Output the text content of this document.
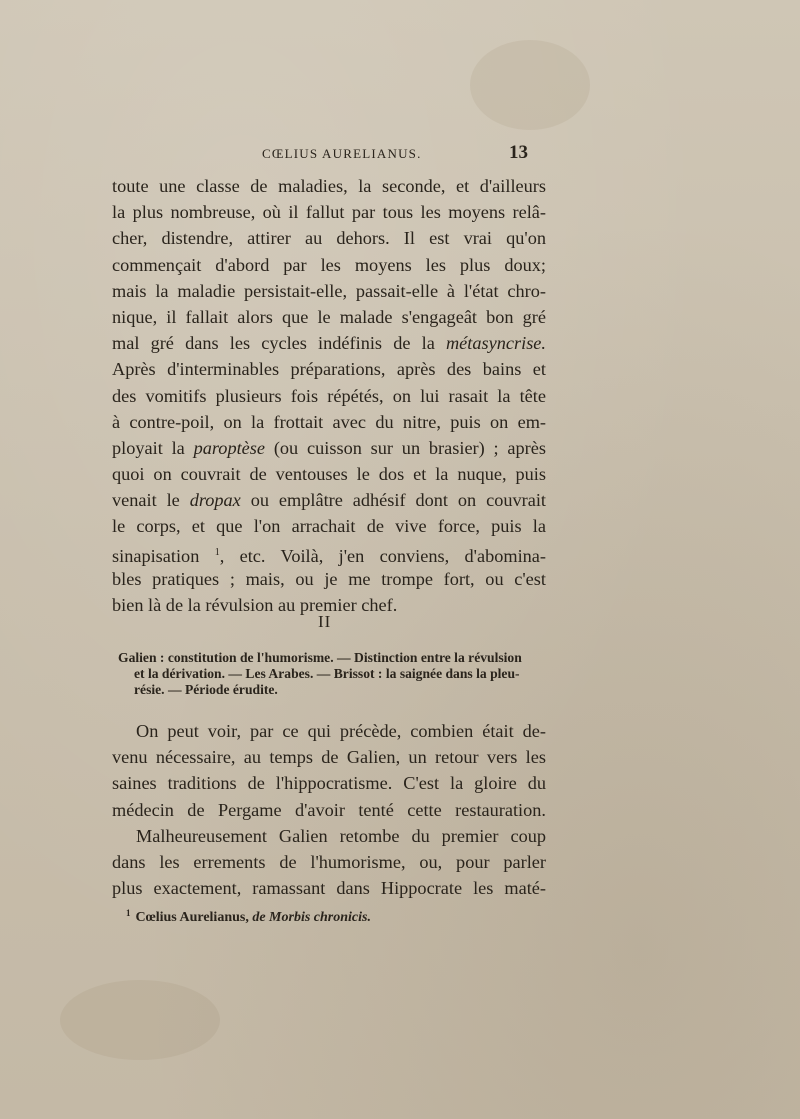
CŒLIUS AURELIANUS.	13
toute une classe de maladies, la seconde, et d'ailleurs
la plus nombreuse, où il fallut par tous les moyens relâ-
cher, distendre, attirer au dehors. Il est vrai qu'on
commençait d'abord par les moyens les plus doux;
mais la maladie persistait-elle, passait-elle à l'état chro-
nique, il fallait alors que le malade s'engageât bon gré
mal gré dans les cycles indéfinis de la métasyncrise.
Après d'interminables préparations, après des bains et
des vomitifs plusieurs fois répétés, on lui rasait la tête
à contre-poil, on la frottait avec du nitre, puis on em-
ployait la paroptèse (ou cuisson sur un brasier) ; après
quoi on couvrait de ventouses le dos et la nuque, puis
venait le dropax ou emplâtre adhésif dont on couvrait
le corps, et que l'on arrachait de vive force, puis la
sinapisation $^1$, etc. Voilà, j'en conviens, d'abomina-
bles pratiques ; mais, ou je me trompe fort, ou c'est
bien là de la révulsion au premier chef.
II
Galien : constitution de l'humorisme. — Distinction entre la révulsion
et la dérivation. — Les Arabes. — Brissot : la saignée dans la pleu-
résie. — Période érudite.
On peut voir, par ce qui précède, combien était de-
venu nécessaire, au temps de Galien, un retour vers les
saines traditions de l'hippocratisme. C'est la gloire du
médecin de Pergame d'avoir tenté cette restauration.
Malheureusement Galien retombe du premier coup
dans les errements de l'humorisme, ou, pour parler
plus exactement, ramassant dans Hippocrate les maté-
$^1$ Cœlius Aurelianus, de Morbis chronicis.
